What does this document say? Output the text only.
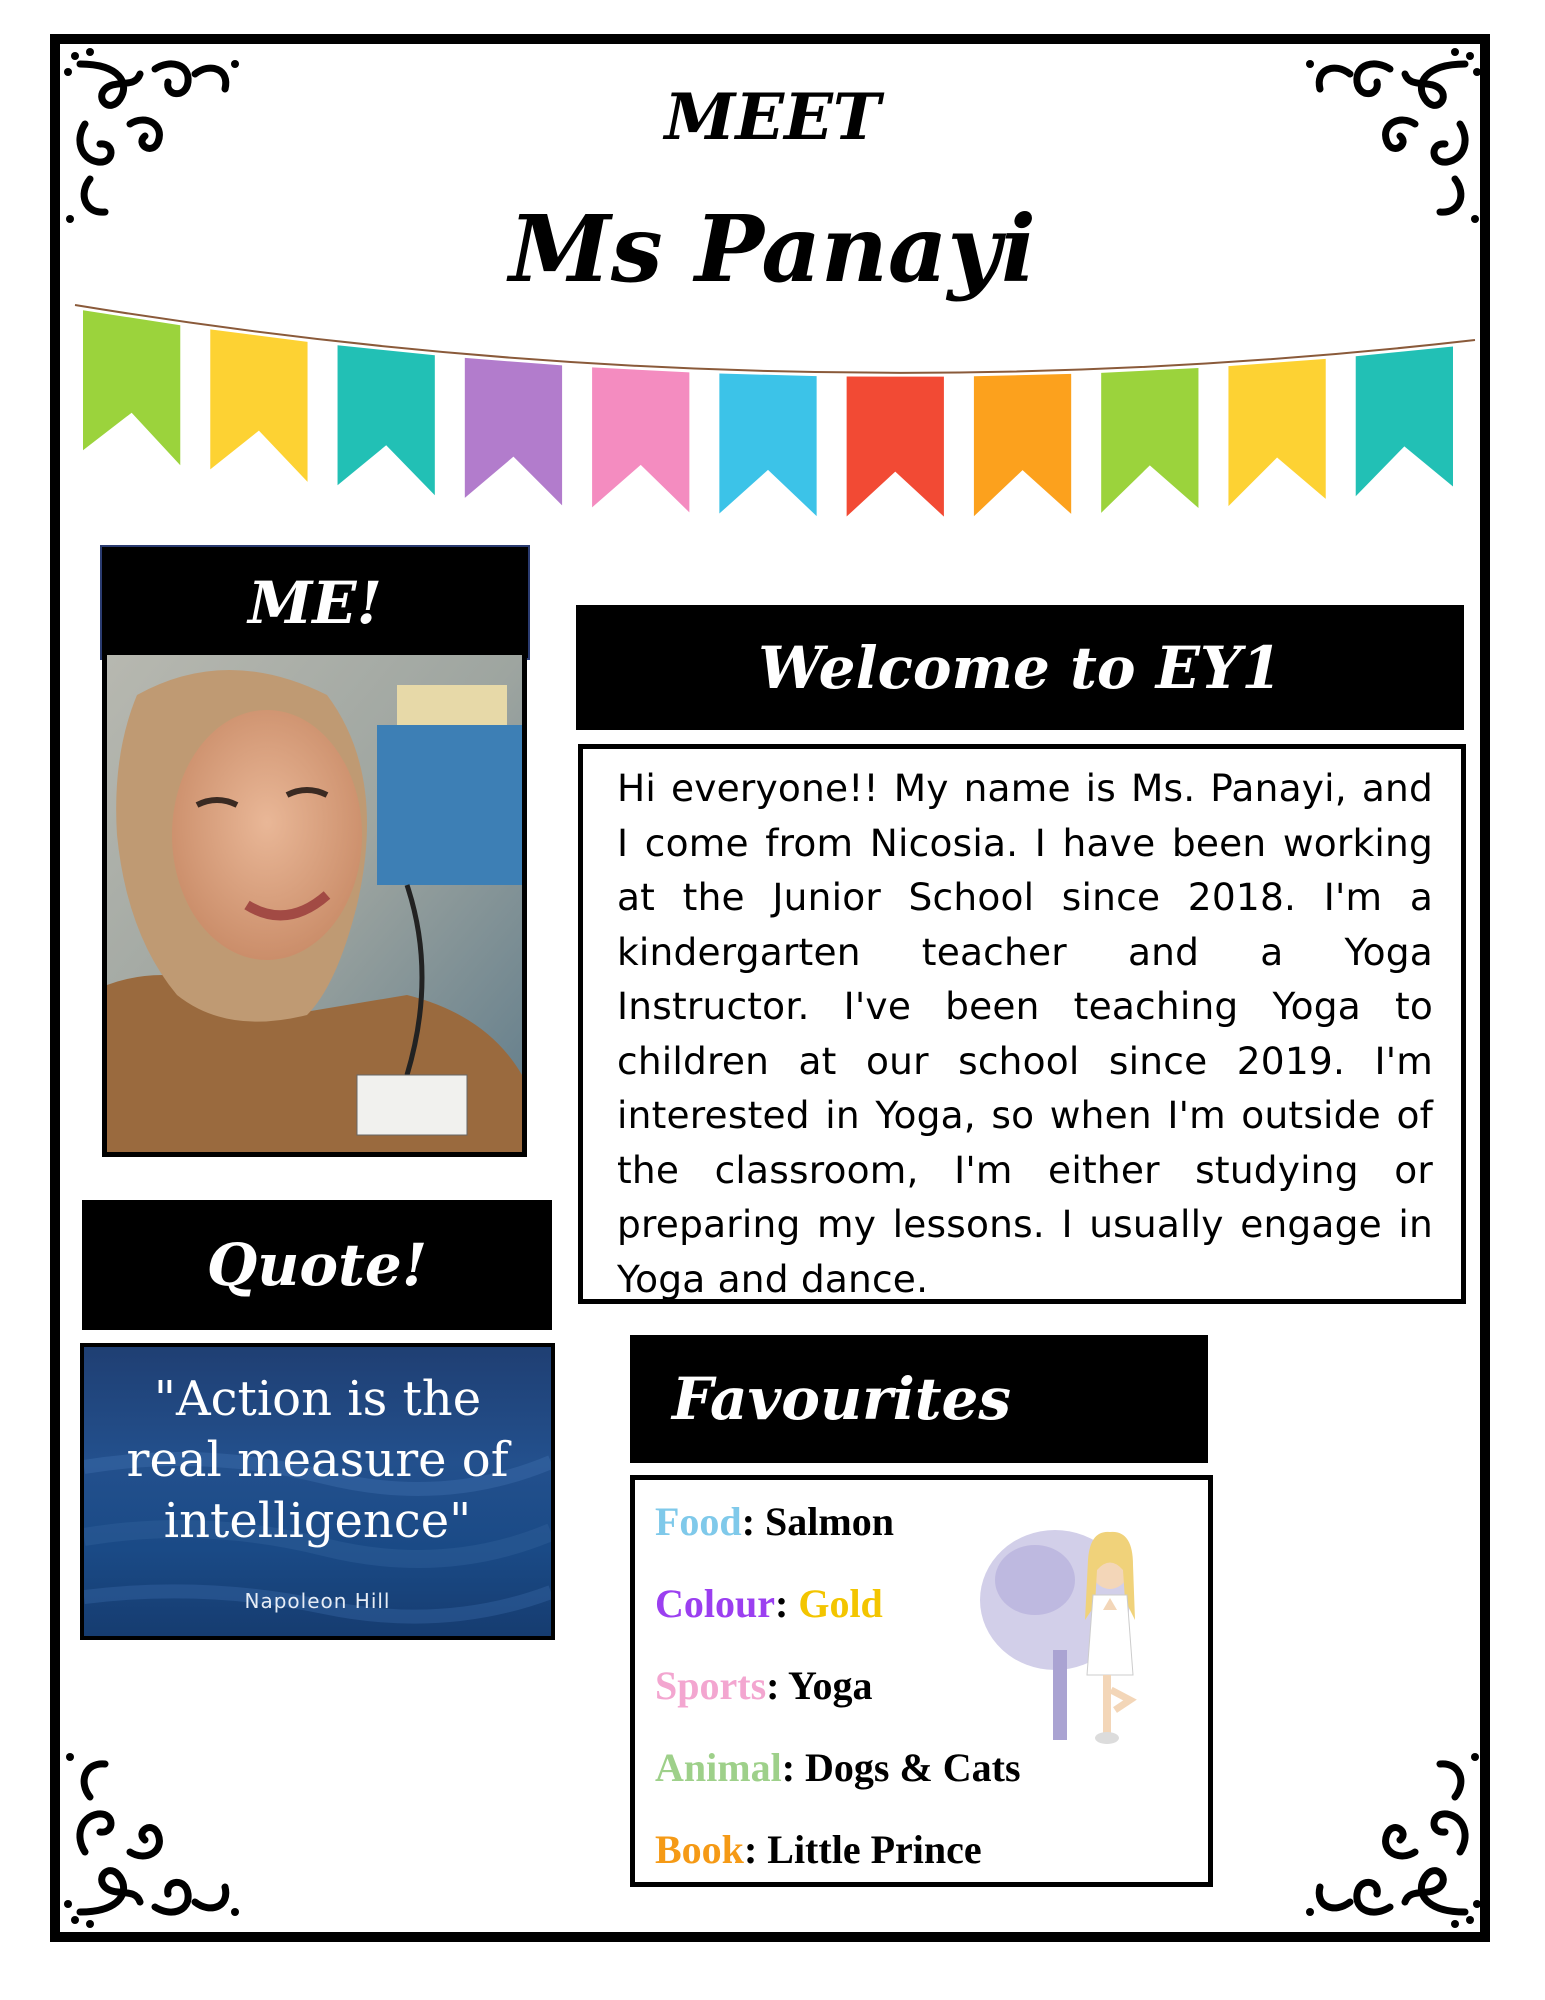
MEET
Ms Panayi
ME!
Welcome to EY1

Hi everyone!! My name is Ms. Panayi, and I come from Nicosia. I have been working at the Junior School since 2018. I'm a kindergarten teacher and a Yoga Instructor. I've been teaching Yoga to children at our school since 2019. I'm interested in Yoga, so when I'm outside of the classroom, I'm either studying or preparing my lessons. I usually engage in Yoga and dance.

Quote!
"Action is the
real measure of
intelligence"
Napoleon Hill
Favourites
Food: Salmon
Colour: Gold
Sports: Yoga
Animal: Dogs & Cats
Book: Little Prince
